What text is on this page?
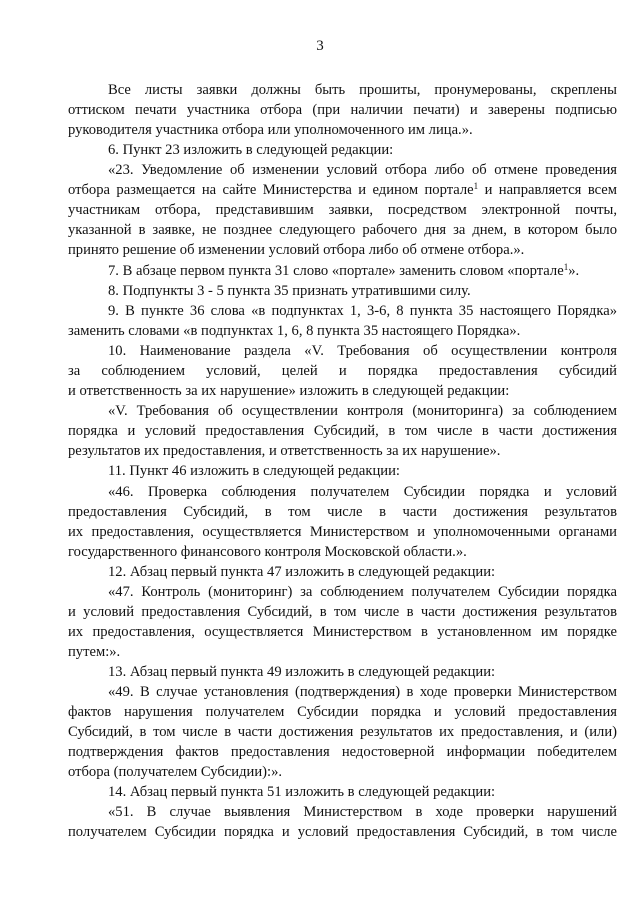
3
Все листы заявки должны быть прошиты, пронумерованы, скреплены
оттиском печати участника отбора (при наличии печати) и заверены подписью
руководителя участника отбора или уполномоченного им лица.».
6. Пункт 23 изложить в следующей редакции:
«23. Уведомление об изменении условий отбора либо об отмене проведения
отбора размещается на сайте Министерства и едином портале$^1$ и направляется всем
участникам отбора, представившим заявки, посредством электронной почты,
указанной в заявке, не позднее следующего рабочего дня за днем, в котором было
принято решение об изменении условий отбора либо об отмене отбора.».
7. В абзаце первом пункта 31 слово «портале» заменить словом «портале$^1$».
8. Подпункты 3 - 5 пункта 35 признать утратившими силу.
9. В пункте 36 слова «в подпунктах 1, 3-6, 8 пункта 35 настоящего Порядка»
заменить словами «в подпунктах 1, 6, 8 пункта 35 настоящего Порядка».
10. Наименование раздела «V. Требования об осуществлении контроля
за соблюдением условий, целей и порядка предоставления субсидий
и ответственность за их нарушение» изложить в следующей редакции:
«V. Требования об осуществлении контроля (мониторинга) за соблюдением
порядка и условий предоставления Субсидий, в том числе в части достижения
результатов их предоставления, и ответственность за их нарушение».
11. Пункт 46 изложить в следующей редакции:
«46. Проверка соблюдения получателем Субсидии порядка и условий
предоставления Субсидий, в том числе в части достижения результатов
их предоставления, осуществляется Министерством и уполномоченными органами
государственного финансового контроля Московской области.».
12. Абзац первый пункта 47 изложить в следующей редакции:
«47. Контроль (мониторинг) за соблюдением получателем Субсидии порядка
и условий предоставления Субсидий, в том числе в части достижения результатов
их предоставления, осуществляется Министерством в установленном им порядке
путем:».
13. Абзац первый пункта 49 изложить в следующей редакции:
«49. В случае установления (подтверждения) в ходе проверки Министерством
фактов нарушения получателем Субсидии порядка и условий предоставления
Субсидий, в том числе в части достижения результатов их предоставления, и (или)
подтверждения фактов предоставления недостоверной информации победителем
отбора (получателем Субсидии):».
14. Абзац первый пункта 51 изложить в следующей редакции:
«51. В случае выявления Министерством в ходе проверки нарушений
получателем Субсидии порядка и условий предоставления Субсидий, в том числе
